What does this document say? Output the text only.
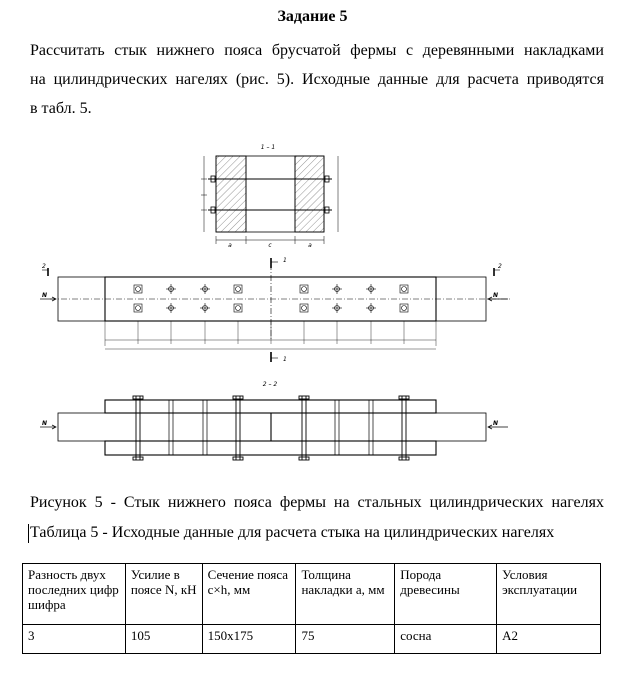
Задание 5
Рассчитать стык нижнего пояса брусчатой фермы с деревянными накладками
на цилиндрических нагелях (рис. 5). Исходные данные для расчета приводятся
в табл. 5.
1 – 1
a	c	a
1
1
2	2
N	N
2 – 2
N	N
Рисунок 5 - Стык нижнего пояса фермы на стальных цилиндрических нагелях
Таблица 5 - Исходные данные для расчета стыка на цилиндрических нагелях
Разность двух последних цифр шифра	Усилие в поясе N, кН	Сечение пояса c×h, мм	Толщина накладки a, мм	Порода древесины	Условия эксплуатации
3	105	150х175	75	сосна	А2
